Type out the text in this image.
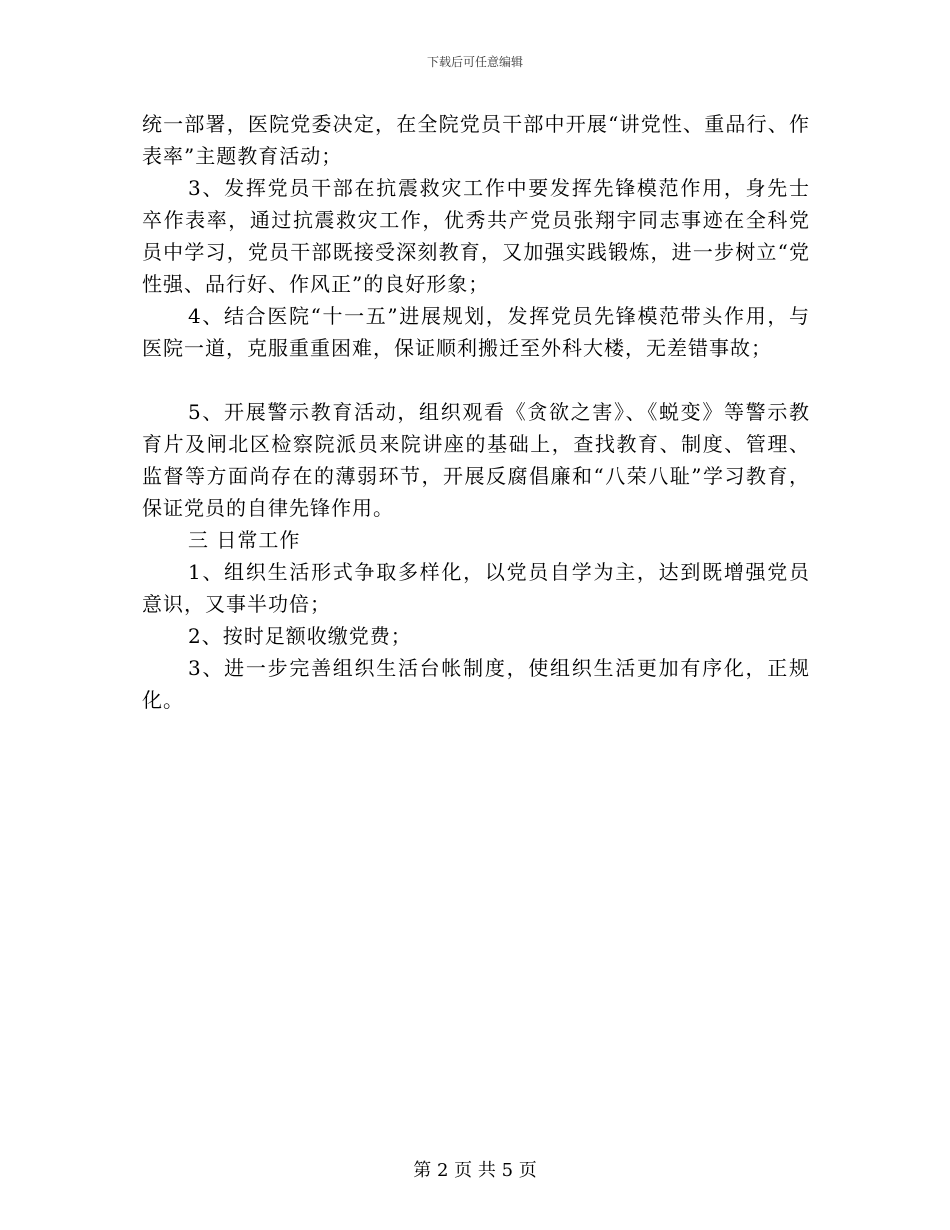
下载后可任意编辑

统一部署，医院党委决定，在全院党员干部中开展“讲党性、重品行、作表率”主题教育活动；

3、发挥党员干部在抗震救灾工作中要发挥先锋模范作用，身先士卒作表率，通过抗震救灾工作，优秀共产党员张翔宇同志事迹在全科党员中学习，党员干部既接受深刻教育，又加强实践锻炼，进一步树立“党性强、品行好、作风正”的良好形象；

4、结合医院“十一五”进展规划，发挥党员先锋模范带头作用，与医院一道，克服重重困难，保证顺利搬迁至外科大楼，无差错事故；

5、开展警示教育活动，组织观看《贪欲之害》、《蜕变》等警示教育片及闸北区检察院派员来院讲座的基础上，查找教育、制度、管理、监督等方面尚存在的薄弱环节，开展反腐倡廉和“八荣八耻”学习教育，保证党员的自律先锋作用。

三 日常工作

1、组织生活形式争取多样化，以党员自学为主，达到既增强党员意识，又事半功倍；

2、按时足额收缴党费；

3、进一步完善组织生活台帐制度，使组织生活更加有序化，正规化。

第 2 页 共 5 页
